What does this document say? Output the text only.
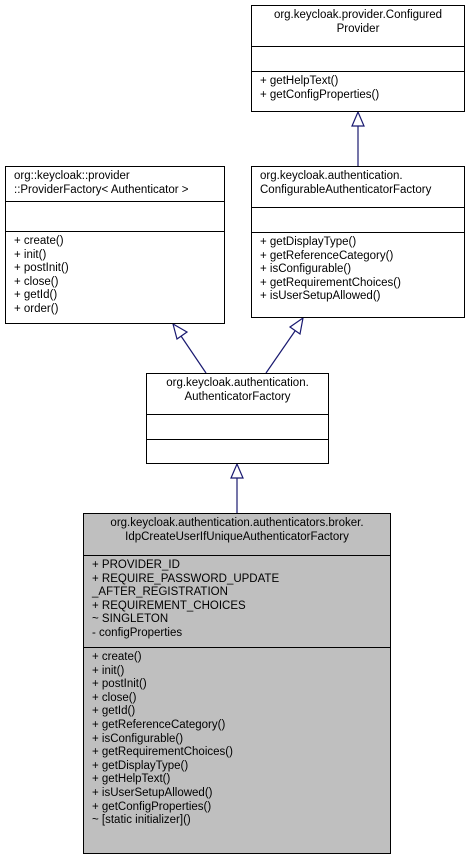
org.keycloak.provider.Configured
Provider
+ getHelpText()
+ getConfigProperties()
org::keycloak::provider
::ProviderFactory< Authenticator >
+ create()
+ init()
+ postInit()
+ close()
+ getId()
+ order()
org.keycloak.authentication.
ConfigurableAuthenticatorFactory
+ getDisplayType()
+ getReferenceCategory()
+ isConfigurable()
+ getRequirementChoices()
+ isUserSetupAllowed()
org.keycloak.authentication.
AuthenticatorFactory
org.keycloak.authentication.authenticators.broker.
IdpCreateUserIfUniqueAuthenticatorFactory
+ PROVIDER_ID
+ REQUIRE_PASSWORD_UPDATE
_AFTER_REGISTRATION
+ REQUIREMENT_CHOICES
~ SINGLETON
- configProperties
+ create()
+ init()
+ postInit()
+ close()
+ getId()
+ getReferenceCategory()
+ isConfigurable()
+ getRequirementChoices()
+ getDisplayType()
+ getHelpText()
+ isUserSetupAllowed()
+ getConfigProperties()
~ [static initializer]()
